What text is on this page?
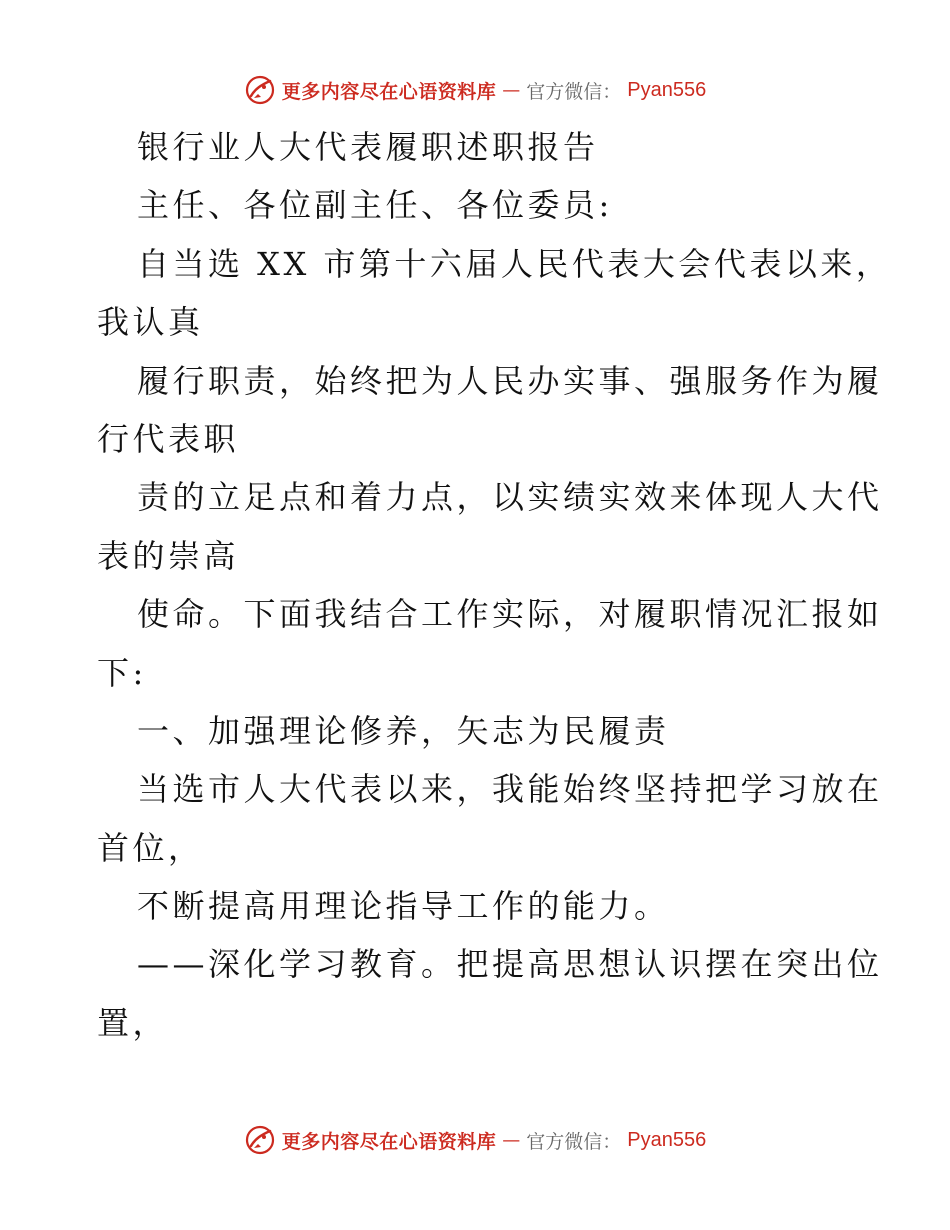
更多内容尽在心语资料库 — 官方微信： Pyan556
银行业人大代表履职述职报告
主任、各位副主任、各位委员:
自当选 XX 市第十六届人民代表大会代表以来，
我认真
履行职责，始终把为人民办实事、强服务作为履
行代表职
责的立足点和着力点，以实绩实效来体现人大代
表的崇高
使命。下面我结合工作实际，对履职情况汇报如
下:
一、加强理论修养，矢志为民履责
当选市人大代表以来，我能始终坚持把学习放在
首位，
不断提高用理论指导工作的能力。
——深化学习教育。把提高思想认识摆在突出位
置，
更多内容尽在心语资料库 — 官方微信： Pyan556
